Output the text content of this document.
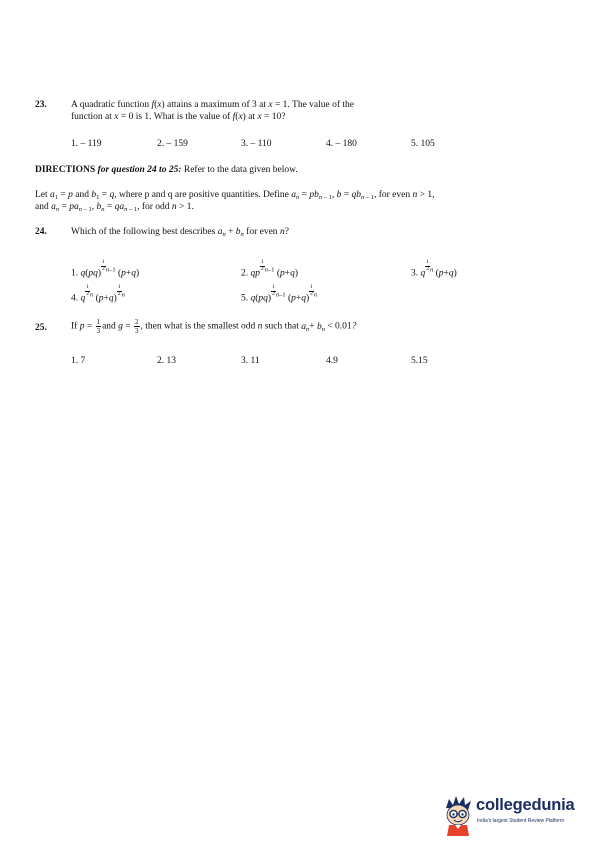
23.	A quadratic function f(x) attains a maximum of 3 at x = 1. The value of the
function at x = 0 is 1. What is the value of f(x) at x = 10?
1. – 119	2. – 159	3. – 110	4. – 180	5. 105
DIRECTIONS for question 24 to 25: Refer to the data given below.
Let $a_1 = p$ and $b_1 = q$, where p and q are positive quantities. Define $a_n = pb_{n - 1}$, $b = qb_{n - 1}$, for even n > 1,
and $a_n = pa_{n - 1}$, $b_n = qa_{n - 1}$, for odd n > 1.
24.	Which of the following best describes $a_n + b_n$ for even n?
1. q(pq)
$\frac{1}{2} ^{n-1}$ (p+q)	2. qp
$\frac{1}{2} ^{n-1}$ (p+q)	3. q
$\frac{1}{2} ^n$ (p+q)
4. q
$\frac{1}{2} ^n$ (p+q)
$\frac{1}{2} ^n$	5. q(pq)
$\frac{1}{2} ^{n-1}$ (p+q)
$\frac{1}{2} ^n$
25.	If $p = \frac{1}{3}$ and $g = \frac{2}{3}$ , then what is the smallest odd n such that $a_n+ b_n < 0.01$?
1. 7	2. 13	3. 11	4.9	5.15
collegedunia
India's largest Student Review Platform
